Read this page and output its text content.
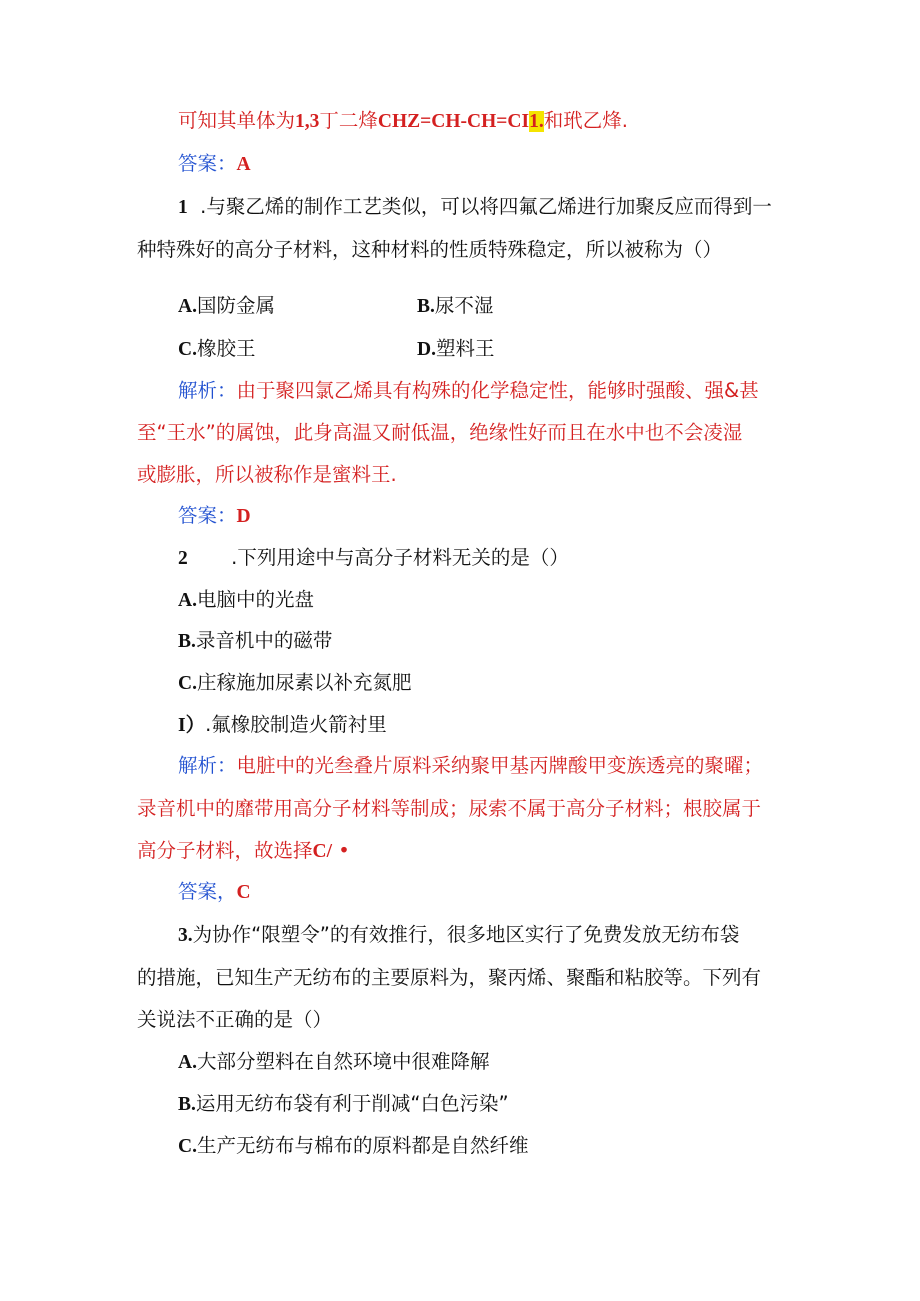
可知其单体为1,3丁二烽CHZ=CH-CH=CI1.和玳乙烽.
答案：A
1 .与聚乙烯的制作工艺类似，可以将四氟乙烯进行加聚反应而得到一
种特殊好的高分子材料，这种材料的性质特殊稳定，所以被称为（）
A.国防金属	B.尿不湿
C.橡胶王	D.塑料王
解析：由于聚四氯乙烯具有构殊的化学稳定性，能够时强酸、强&甚
至“王水”的属蚀，此身高温又耐低温，绝缘性好而且在水中也不会凌湿
或膨胀，所以被称作是蜜料王.
答案：D
2 .下列用途中与高分子材料无关的是（）
A.电脑中的光盘
B.录音机中的磁带
C.庄稼施加尿素以补充氮肥
I）.氟橡胶制造火箭衬里
解析：电脏中的光叁叠片原料采纳聚甲基丙牌酸甲变族透亮的聚曜；
录音机中的靡带用高分子材料等制成；尿索不属于高分子材料；根胶属于
高分子材料，故选择C/ •
答案，C
3.为协作“限塑令”的有效推行，很多地区实行了免费发放无纺布袋
的措施，已知生产无纺布的主要原料为，聚丙烯、聚酯和粘胶等。下列有
关说法不正确的是（）
A.大部分塑料在自然环境中很难降解
B.运用无纺布袋有利于削减“白色污染”
C.生产无纺布与棉布的原料都是自然纤维
